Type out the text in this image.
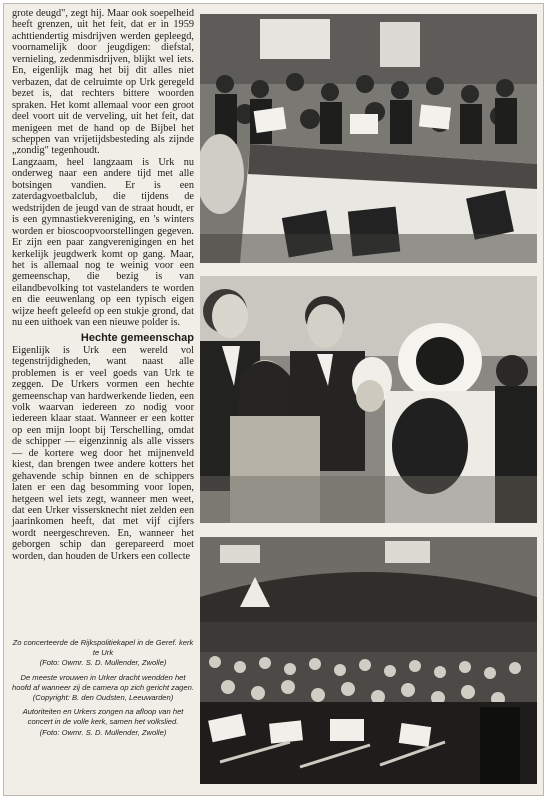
grote deugd", zegt hij. Maar ook soepelheid heeft grenzen, uit het feit, dat er in 1959 achttiendertig misdrijven werden gepleegd, voornamelijk door jeugdigen: diefstal, vernieling, zedenmisdrijven, blijkt wel iets. En, eigenlijk mag het bij dit alles niet verbazen, dat de celruimte op Urk geregeld bezet is, dat rechters bittere woorden spraken. Het komt allemaal voor een groot deel voort uit de verveling, uit het feit, dat menigeen met de hand op de Bijbel het scheppen van vrijetijdsbesteding als zijnde „zondig" tegenhoudt.

Langzaam, heel langzaam is Urk nu onderweg naar een andere tijd met alle botsingen vandien. Er is een zaterdagvoetbalclub, die tijdens de wedstrijden de jeugd van de straat houdt, er is een gymnastiekvereniging, en 's winters worden er bioscoopvoorstellingen gegeven. Er zijn een paar zangverenigingen en het kerkelijk jeugdwerk komt op gang. Maar, het is allemaal nog te weinig voor een gemeenschap, die bezig is van eilandbevolking tot vastelanders te worden en die eeuwenlang op een typisch eigen wijze heeft geleefd op een stukje grond, dat nu een uithoek van een nieuwe polder is.

Hechte gemeenschap

Eigenlijk is Urk een wereld vol tegenstrijdigheden, want naast alle problemen is er veel goeds van Urk te zeggen. De Urkers vormen een hechte gemeenschap van hardwerkende lieden, een volk waarvan iedereen zo nodig voor iedereen klaar staat. Wanneer er een kotter op een mijn loopt bij Terschelling, omdat de schipper — eigenzinnig als alle vissers — de kortere weg door het mijnenveld kiest, dan brengen twee andere kotters het gehavende schip binnen en de schippers laten er een dag besomming voor lopen, hetgeen wel iets zegt, wanneer men weet, dat een Urker vissersknecht niet zelden een jaarinkomen heeft, dat met vijf cijfers wordt neergeschreven. En, wanneer het geborgen schip dan gerepareerd moet worden, dan houden de Urkers een collecte

Zo concerteerde de Rijkspolitiekapel in de Geref. kerk te Urk
(Foto: Owmr. S. D. Mullender, Zwolle)
De meeste vrouwen in Urker dracht wendden het hoofd af wanneer zij de camera op zich gericht zagen.
(Copyright: B. den Oudsten, Leeuwarden)
Autoriteiten en Urkers zongen na afloop van het concert in de volle kerk, samen het volkslied.
(Foto: Owmr. S. D. Mullender, Zwolle)
